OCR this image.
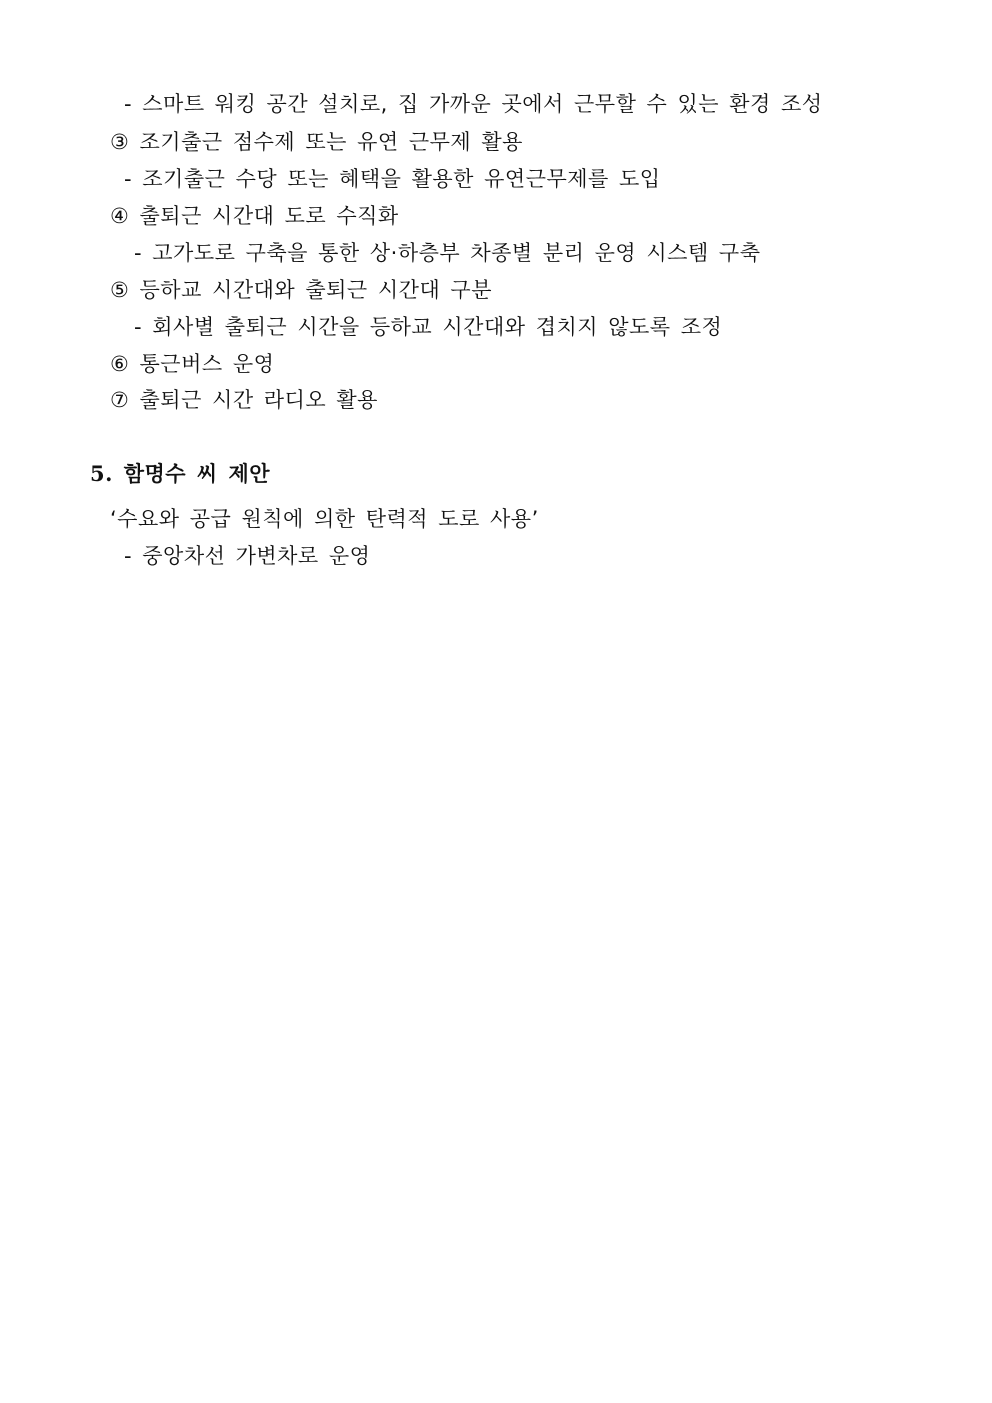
- 스마트 워킹 공간 설치로, 집 가까운 곳에서 근무할 수 있는 환경 조성
③ 조기출근 점수제 또는 유연 근무제 활용
- 조기출근 수당 또는 혜택을 활용한 유연근무제를 도입
④ 출퇴근 시간대 도로 수직화
- 고가도로 구축을 통한 상·하층부 차종별 분리 운영 시스템 구축
⑤ 등하교 시간대와 출퇴근 시간대 구분
- 회사별 출퇴근 시간을 등하교 시간대와 겹치지 않도록 조정
⑥ 통근버스 운영
⑦ 출퇴근 시간 라디오 활용
5. 함명수 씨 제안
‘수요와 공급 원칙에 의한 탄력적 도로 사용’
- 중앙차선 가변차로 운영
